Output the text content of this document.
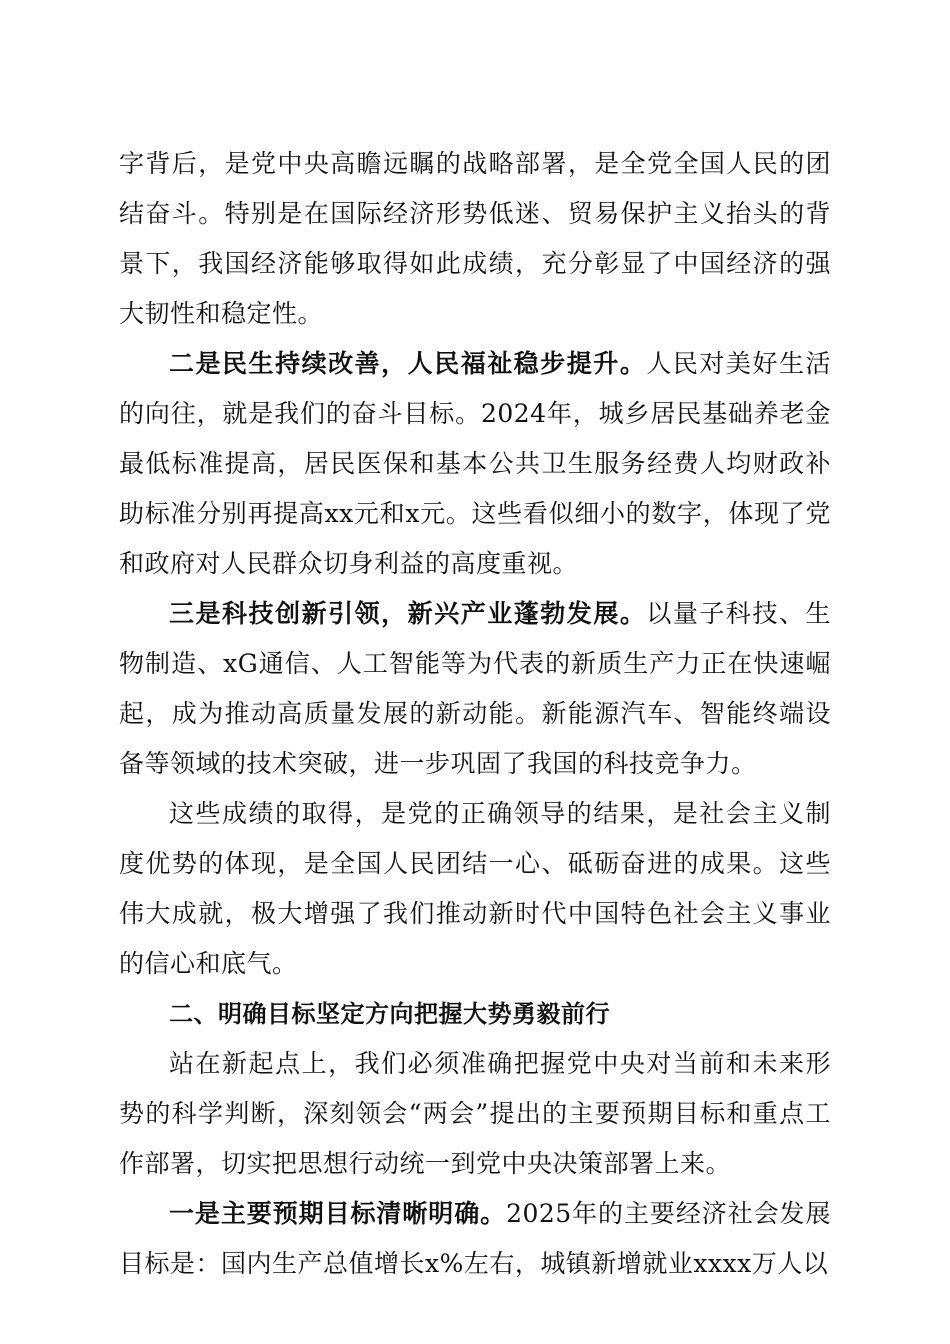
字背后，是党中央高瞻远瞩的战略部署，是全党全国人民的团结奋斗。特别是在国际经济形势低迷、贸易保护主义抬头的背景下，我国经济能够取得如此成绩，充分彰显了中国经济的强大韧性和稳定性。

二是民生持续改善，人民福祉稳步提升。人民对美好生活的向往，就是我们的奋斗目标。2024年，城乡居民基础养老金最低标准提高，居民医保和基本公共卫生服务经费人均财政补助标准分别再提高xx元和x元。这些看似细小的数字，体现了党和政府对人民群众切身利益的高度重视。

三是科技创新引领，新兴产业蓬勃发展。以量子科技、生物制造、xG通信、人工智能等为代表的新质生产力正在快速崛起，成为推动高质量发展的新动能。新能源汽车、智能终端设备等领域的技术突破，进一步巩固了我国的科技竞争力。

这些成绩的取得，是党的正确领导的结果，是社会主义制度优势的体现，是全国人民团结一心、砥砺奋进的成果。这些伟大成就，极大增强了我们推动新时代中国特色社会主义事业的信心和底气。

二、明确目标坚定方向把握大势勇毅前行

站在新起点上，我们必须准确把握党中央对当前和未来形势的科学判断，深刻领会“两会”提出的主要预期目标和重点工作部署，切实把思想行动统一到党中央决策部署上来。

一是主要预期目标清晰明确。2025年的主要经济社会发展目标是：国内生产总值增长x%左右，城镇新增就业xxxx万人以
